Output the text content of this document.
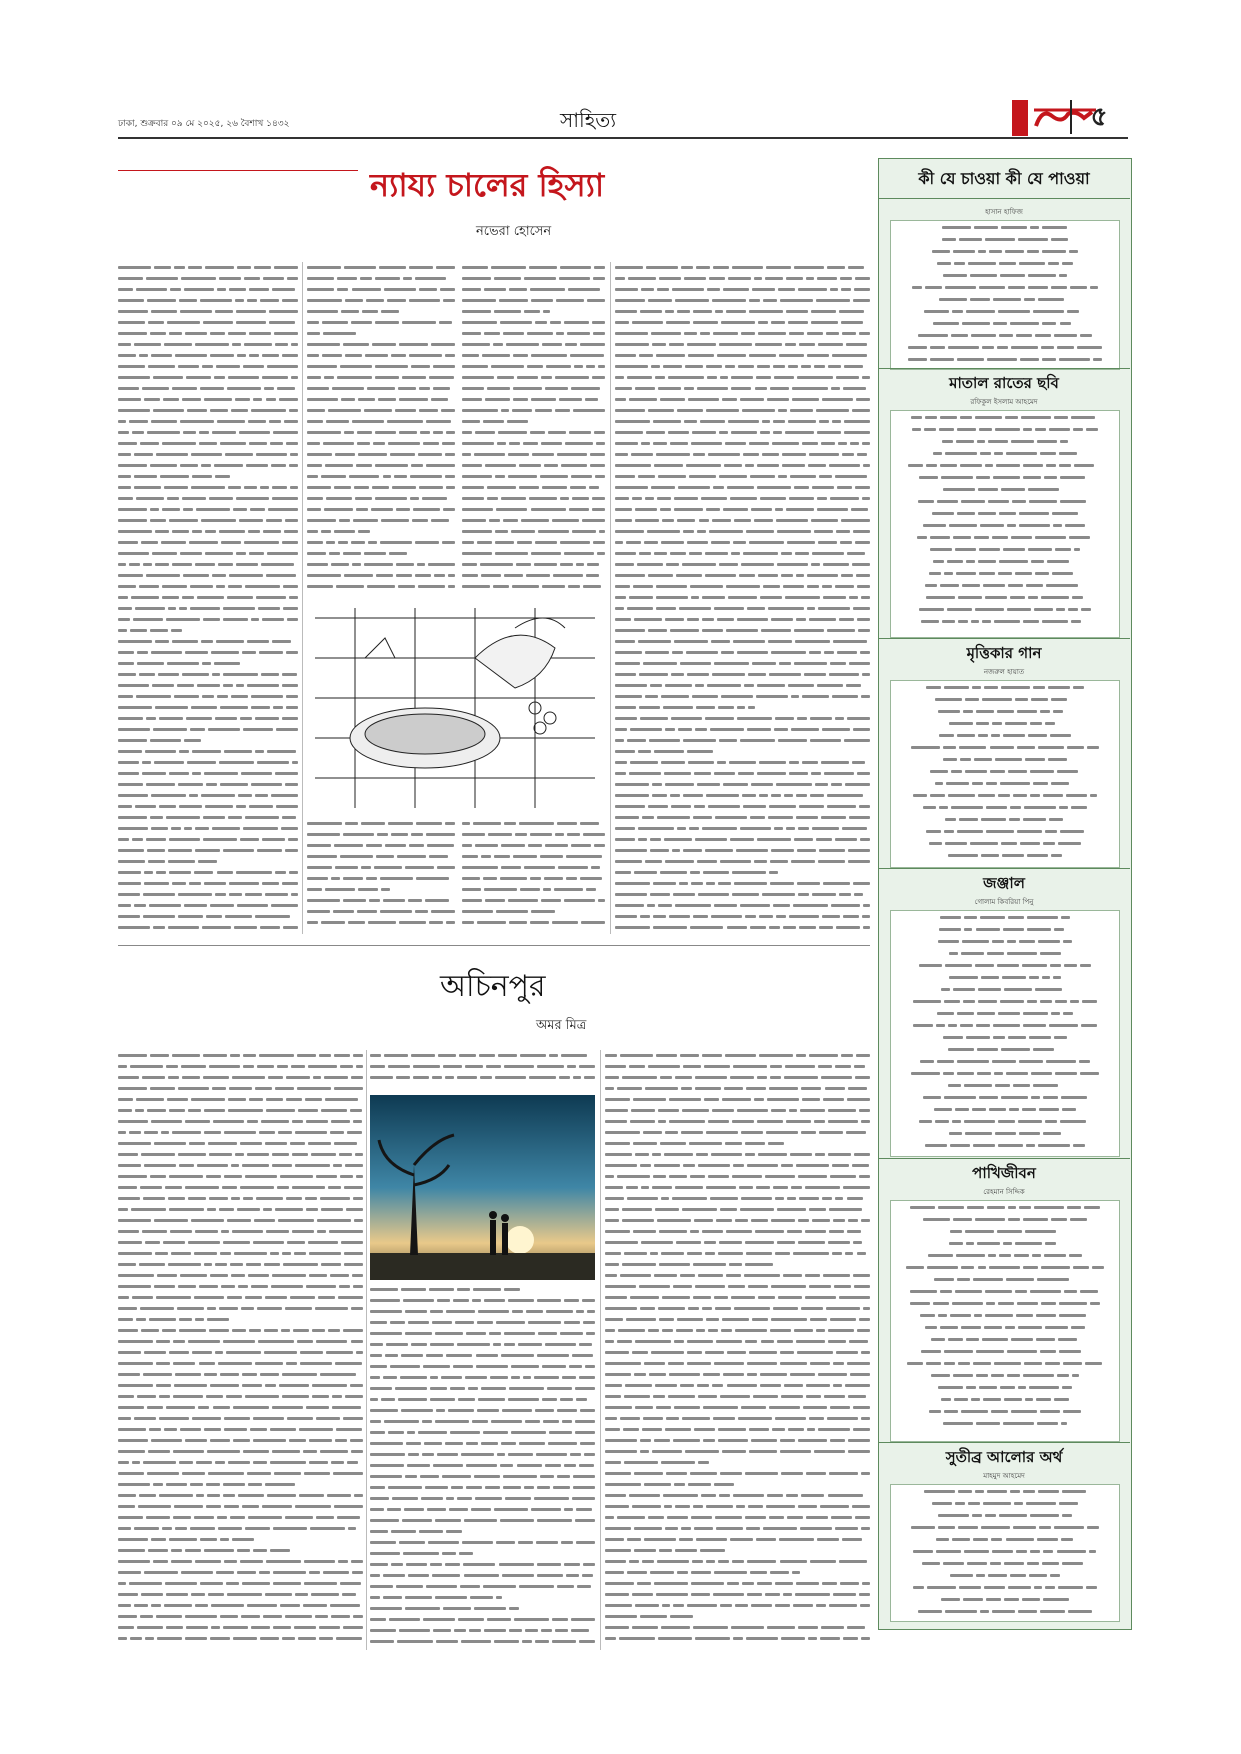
ঢাকা, শুক্রবার ০৯ মে ২০২৫, ২৬ বৈশাখ ১৪৩২	সাহিত্য	৫
ন্যায্য চালের হিস্যা
নভেরা হোসেন
অচিনপুর
অমর মিত্র
কী যে চাওয়া কী যে পাওয়া
হাসান হাফিজ
মাতাল রাতের ছবি
রফিকুল ইসলাম আহমেদ
মৃত্তিকার গান
নজরুল হায়াত
জঞ্জাল
গোলাম কিবরিয়া পিনু
পাখিজীবন
রেহমান সিদ্দিক
সুতীব্র আলোর অর্থ
মাহমুদ আহমেদ
